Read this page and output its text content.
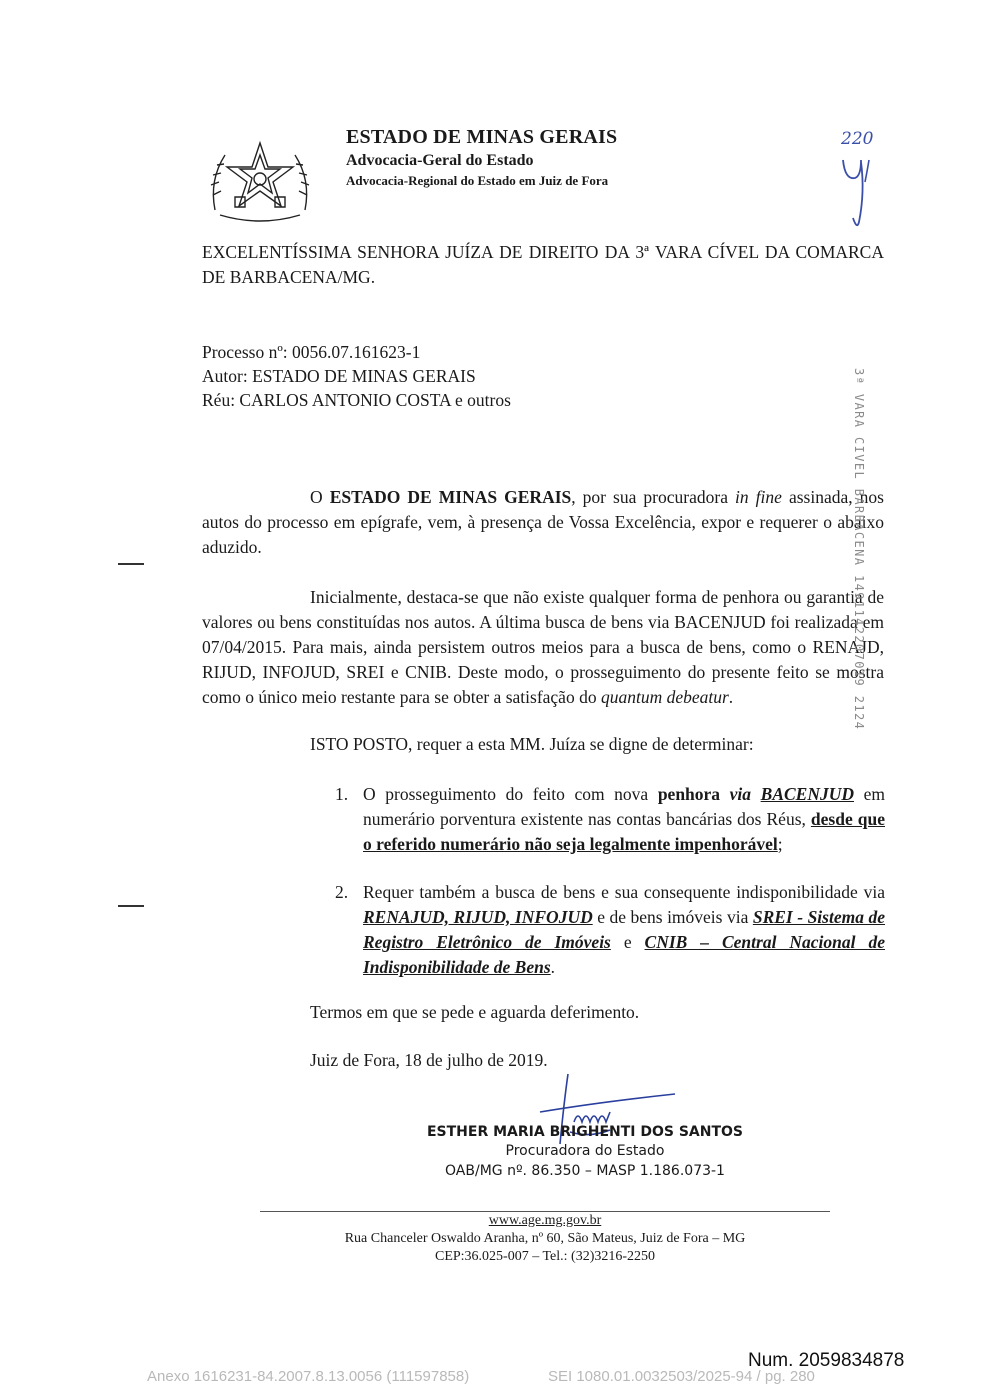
ESTADO DE MINAS GERAIS
Advocacia-Geral do Estado
Advocacia-Regional do Estado em Juiz de Fora
220
EXCELENTÍSSIMA SENHORA JUÍZA DE DIREITO DA 3ª VARA CÍVEL DA COMARCA DE BARBACENA/MG.
Processo nº: 0056.07.161623-1
Autor: ESTADO DE MINAS GERAIS
Réu: CARLOS ANTONIO COSTA e outros
O ESTADO DE MINAS GERAIS, por sua procuradora in fine assinada, nos autos do processo em epígrafe, vem, à presença de Vossa Excelência, expor e requerer o abaixo aduzido.
Inicialmente, destaca-se que não existe qualquer forma de penhora ou garantia de valores ou bens constituídas nos autos. A última busca de bens via BACENJUD foi realizada em 07/04/2015. Para mais, ainda persistem outros meios para a busca de bens, como o RENAJD, RIJUD, INFOJUD, SREI e CNIB. Deste modo, o prosseguimento do presente feito se mostra como o único meio restante para se obter a satisfação do quantum debeatur.
ISTO POSTO, requer a esta MM. Juíza se digne de determinar:
1. O prosseguimento do feito com nova penhora via BACENJUD em numerário porventura existente nas contas bancárias dos Réus, desde que o referido numerário não seja legalmente impenhorável;
2. Requer também a busca de bens e sua consequente indisponibilidade via RENAJUD, RIJUD, INFOJUD e de bens imóveis via SREI - Sistema de Registro Eletrônico de Imóveis e CNIB – Central Nacional de Indisponibilidade de Bens.
Termos em que se pede e aguarda deferimento.
Juiz de Fora, 18 de julho de 2019.
ESTHER MARIA BRIGHENTI DOS SANTOS
Procuradora do Estado
OAB/MG nº. 86.350 – MASP 1.186.073-1
www.age.mg.gov.br
Rua Chanceler Oswaldo Aranha, nº 60, São Mateus, Juiz de Fora – MG
CEP:36.025-007 – Tel.: (32)3216-2250
3ª VARA CIVEL BARBACENA 1491142207019 2124
Num. 2059834878
Anexo 1616231-84.2007.8.13.0056 (111597858)	SEI 1080.01.0032503/2025-94 / pg. 280
